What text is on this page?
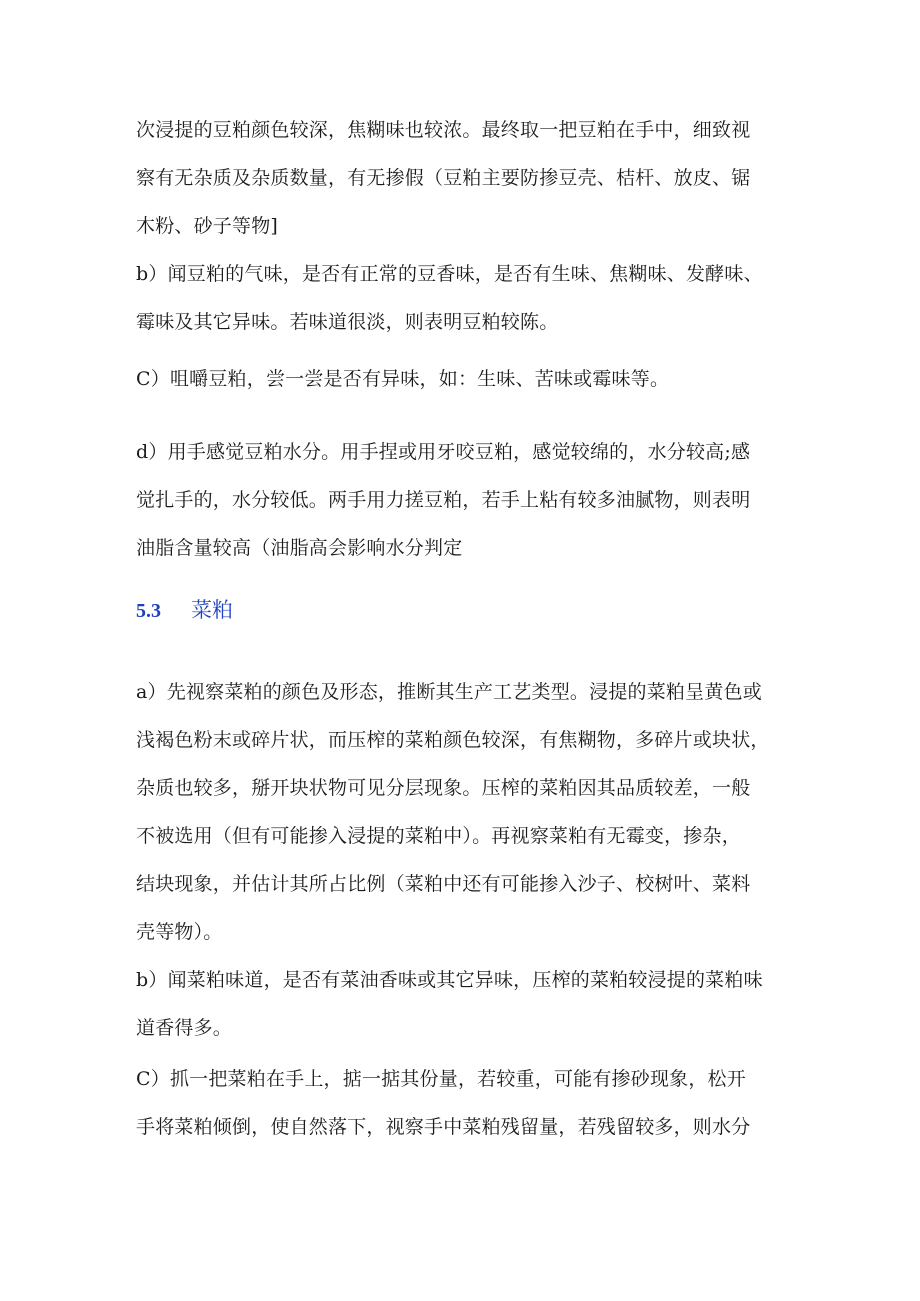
次浸提的豆粕颜色较深，焦糊味也较浓。最终取一把豆粕在手中，细致视
察有无杂质及杂质数量，有无掺假（豆粕主要防掺豆壳、桔杆、放皮、锯
木粉、砂子等物]
b）闻豆粕的气味，是否有正常的豆香味，是否有生味、焦糊味、发酵味、
霉味及其它异味。若味道很淡，则表明豆粕较陈。
C）咀嚼豆粕，尝一尝是否有异味，如：生味、苦味或霉味等。
d）用手感觉豆粕水分。用手捏或用牙咬豆粕，感觉较绵的，水分较高;感
觉扎手的，水分较低。两手用力搓豆粕，若手上粘有较多油腻物，则表明
油脂含量较高（油脂高会影响水分判定
5.3 菜粕
a）先视察菜粕的颜色及形态，推断其生产工艺类型。浸提的菜粕呈黄色或
浅褐色粉末或碎片状，而压榨的菜粕颜色较深，有焦糊物，多碎片或块状，
杂质也较多，掰开块状物可见分层现象。压榨的菜粕因其品质较差，一般
不被选用（但有可能掺入浸提的菜粕中）。再视察菜粕有无霉变，掺杂，
结块现象，并估计其所占比例（菜粕中还有可能掺入沙子、校树叶、菜料
壳等物）。
b）闻菜粕味道，是否有菜油香味或其它异味，压榨的菜粕较浸提的菜粕味
道香得多。
C）抓一把菜粕在手上，掂一掂其份量，若较重，可能有掺砂现象，松开
手将菜粕倾倒，使自然落下，视察手中菜粕残留量，若残留较多，则水分
